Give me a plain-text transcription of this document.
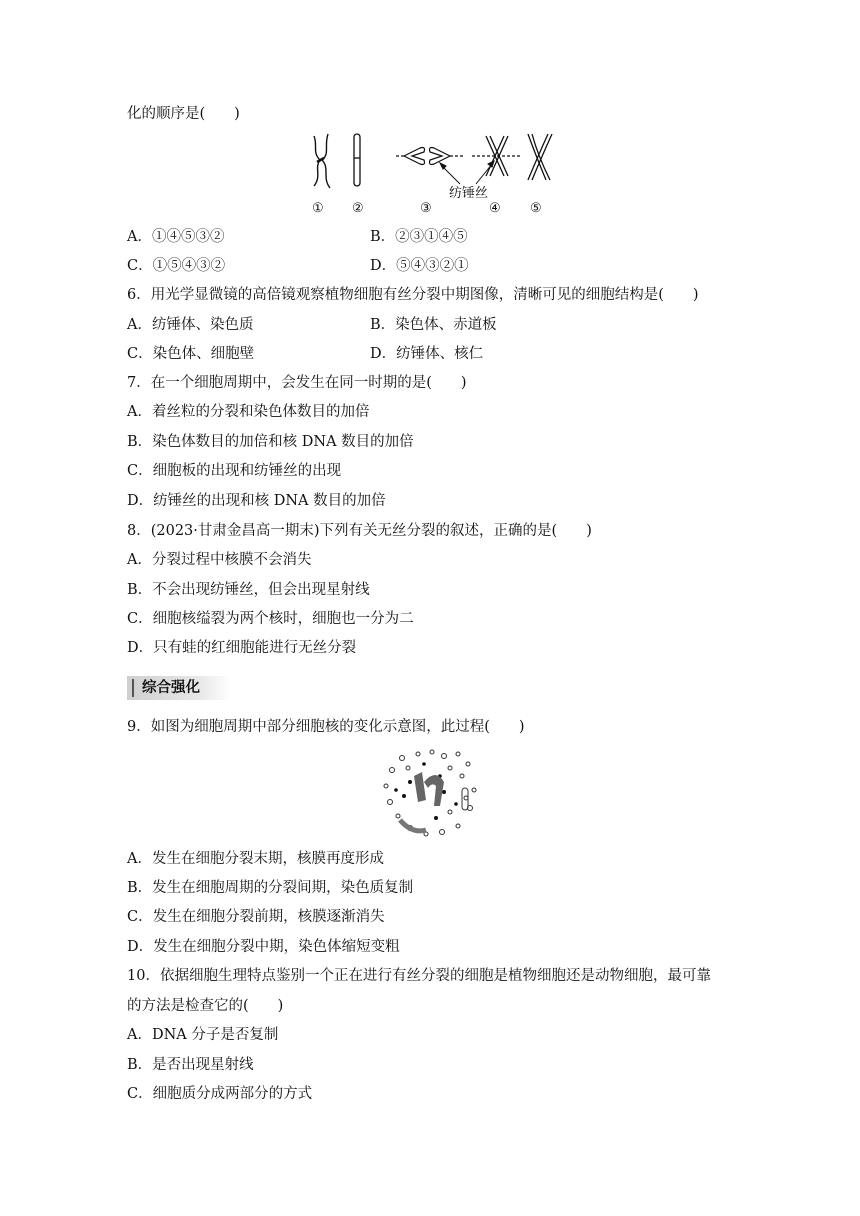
化的顺序是(　　)
纺锤丝
① ②	③	④ ⑤
A．①④⑤③②	B．②③①④⑤
C．①⑤④③②	D．⑤④③②①
6．用光学显微镜的高倍镜观察植物细胞有丝分裂中期图像，清晰可见的细胞结构是(　　)
A．纺锤体、染色质	B．染色体、赤道板
C．染色体、细胞壁	D．纺锤体、核仁
7．在一个细胞周期中，会发生在同一时期的是(　　)
A．着丝粒的分裂和染色体数目的加倍
B．染色体数目的加倍和核 DNA 数目的加倍
C．细胞板的出现和纺锤丝的出现
D．纺锤丝的出现和核 DNA 数目的加倍
8．(2023·甘肃金昌高一期末)下列有关无丝分裂的叙述，正确的是(　　)
A．分裂过程中核膜不会消失
B．不会出现纺锤丝，但会出现星射线
C．细胞核缢裂为两个核时，细胞也一分为二
D．只有蛙的红细胞能进行无丝分裂
综合强化
9．如图为细胞周期中部分细胞核的变化示意图，此过程(　　)
A．发生在细胞分裂末期，核膜再度形成
B．发生在细胞周期的分裂间期，染色质复制
C．发生在细胞分裂前期，核膜逐渐消失
D．发生在细胞分裂中期，染色体缩短变粗
10．依据细胞生理特点鉴别一个正在进行有丝分裂的细胞是植物细胞还是动物细胞，最可靠
的方法是检查它的(　　)
A．DNA 分子是否复制
B．是否出现星射线
C．细胞质分成两部分的方式
